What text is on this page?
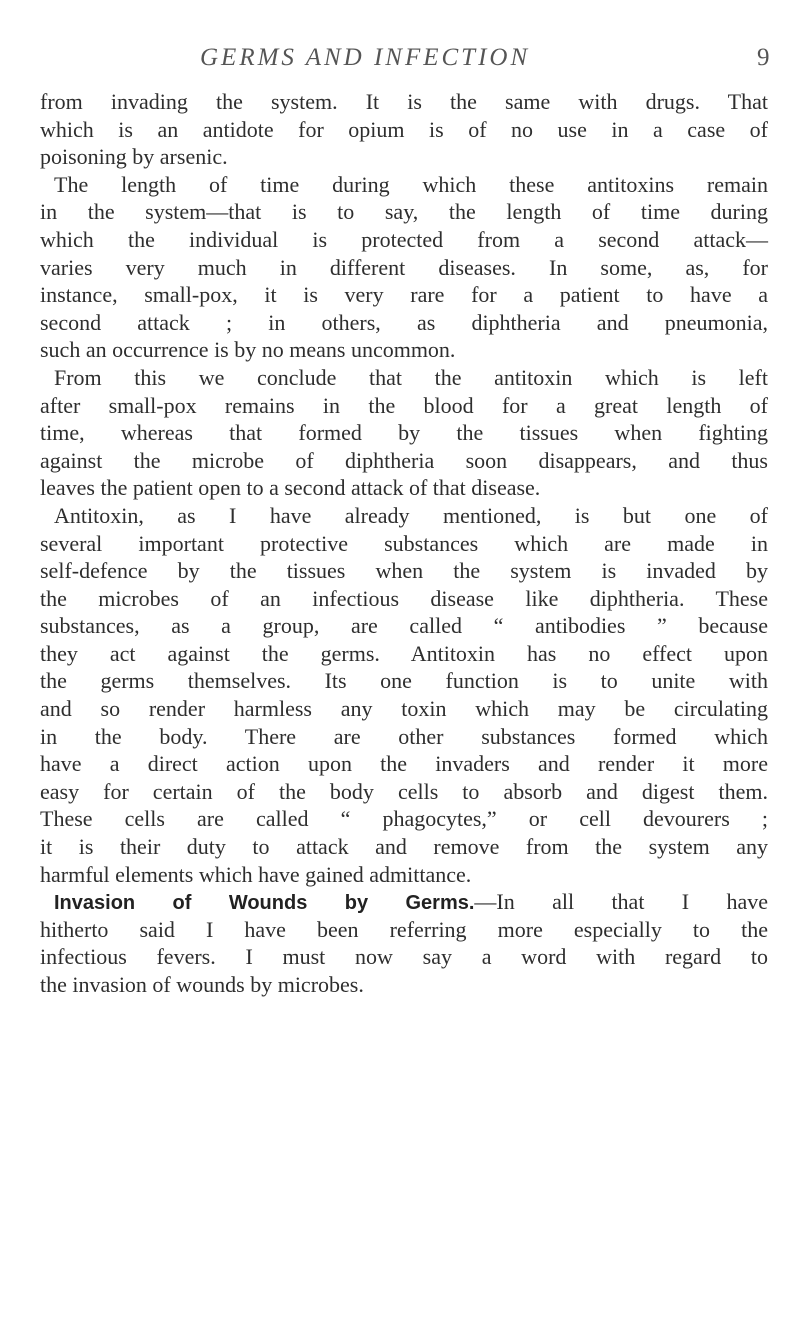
GERMS AND INFECTION	9
from invading the system. It is the same with drugs. That
which is an antidote for opium is of no use in a case of
poisoning by arsenic.
The length of time during which these antitoxins remain
in the system—that is to say, the length of time during
which the individual is protected from a second attack—
varies very much in different diseases. In some, as, for
instance, small-pox, it is very rare for a patient to have a
second attack ; in others, as diphtheria and pneumonia,
such an occurrence is by no means uncommon.
From this we conclude that the antitoxin which is left
after small-pox remains in the blood for a great length of
time, whereas that formed by the tissues when fighting
against the microbe of diphtheria soon disappears, and thus
leaves the patient open to a second attack of that disease.
Antitoxin, as I have already mentioned, is but one of
several important protective substances which are made in
self-defence by the tissues when the system is invaded by
the microbes of an infectious disease like diphtheria. These
substances, as a group, are called “ antibodies ” because
they act against the germs. Antitoxin has no effect upon
the germs themselves. Its one function is to unite with
and so render harmless any toxin which may be circulating
in the body. There are other substances formed which
have a direct action upon the invaders and render it more
easy for certain of the body cells to absorb and digest them.
These cells are called “ phagocytes,” or cell devourers ;
it is their duty to attack and remove from the system any
harmful elements which have gained admittance.
Invasion of Wounds by Germs.—In all that I have
hitherto said I have been referring more especially to the
infectious fevers. I must now say a word with regard to
the invasion of wounds by microbes.
